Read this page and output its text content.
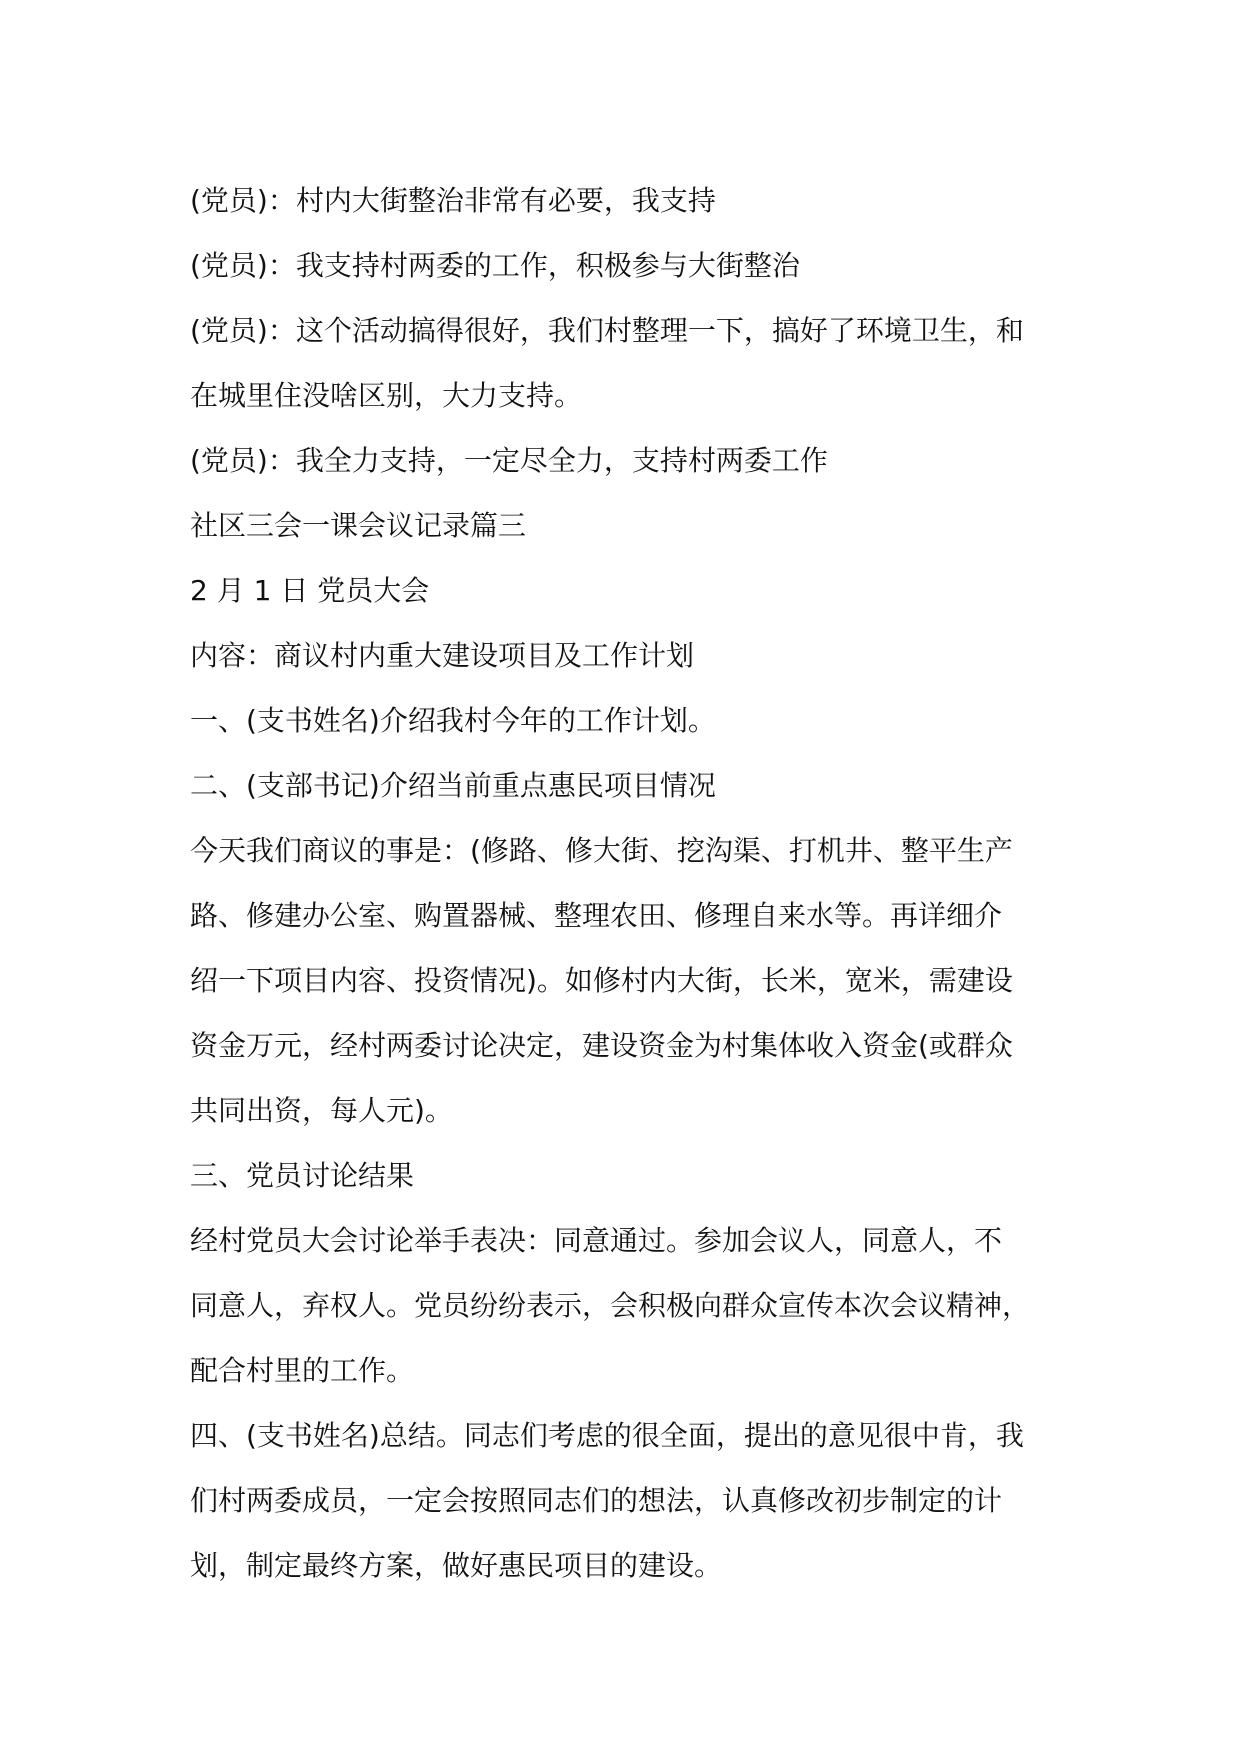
(党员)：村内大街整治非常有必要，我支持
(党员)：我支持村两委的工作，积极参与大街整治
(党员)：这个活动搞得很好，我们村整理一下，搞好了环境卫生，和
在城里住没啥区别，大力支持。
(党员)：我全力支持，一定尽全力，支持村两委工作
社区三会一课会议记录篇三
2 月 1 日 党员大会
内容：商议村内重大建设项目及工作计划
一、(支书姓名)介绍我村今年的工作计划。
二、(支部书记)介绍当前重点惠民项目情况
今天我们商议的事是：(修路、修大街、挖沟渠、打机井、整平生产
路、修建办公室、购置器械、整理农田、修理自来水等。再详细介
绍一下项目内容、投资情况)。如修村内大街，长米，宽米，需建设
资金万元，经村两委讨论决定，建设资金为村集体收入资金(或群众
共同出资，每人元)。
三、党员讨论结果
经村党员大会讨论举手表决：同意通过。参加会议人，同意人，不
同意人，弃权人。党员纷纷表示，会积极向群众宣传本次会议精神，
配合村里的工作。
四、(支书姓名)总结。同志们考虑的很全面，提出的意见很中肯，我
们村两委成员，一定会按照同志们的想法，认真修改初步制定的计
划，制定最终方案，做好惠民项目的建设。
